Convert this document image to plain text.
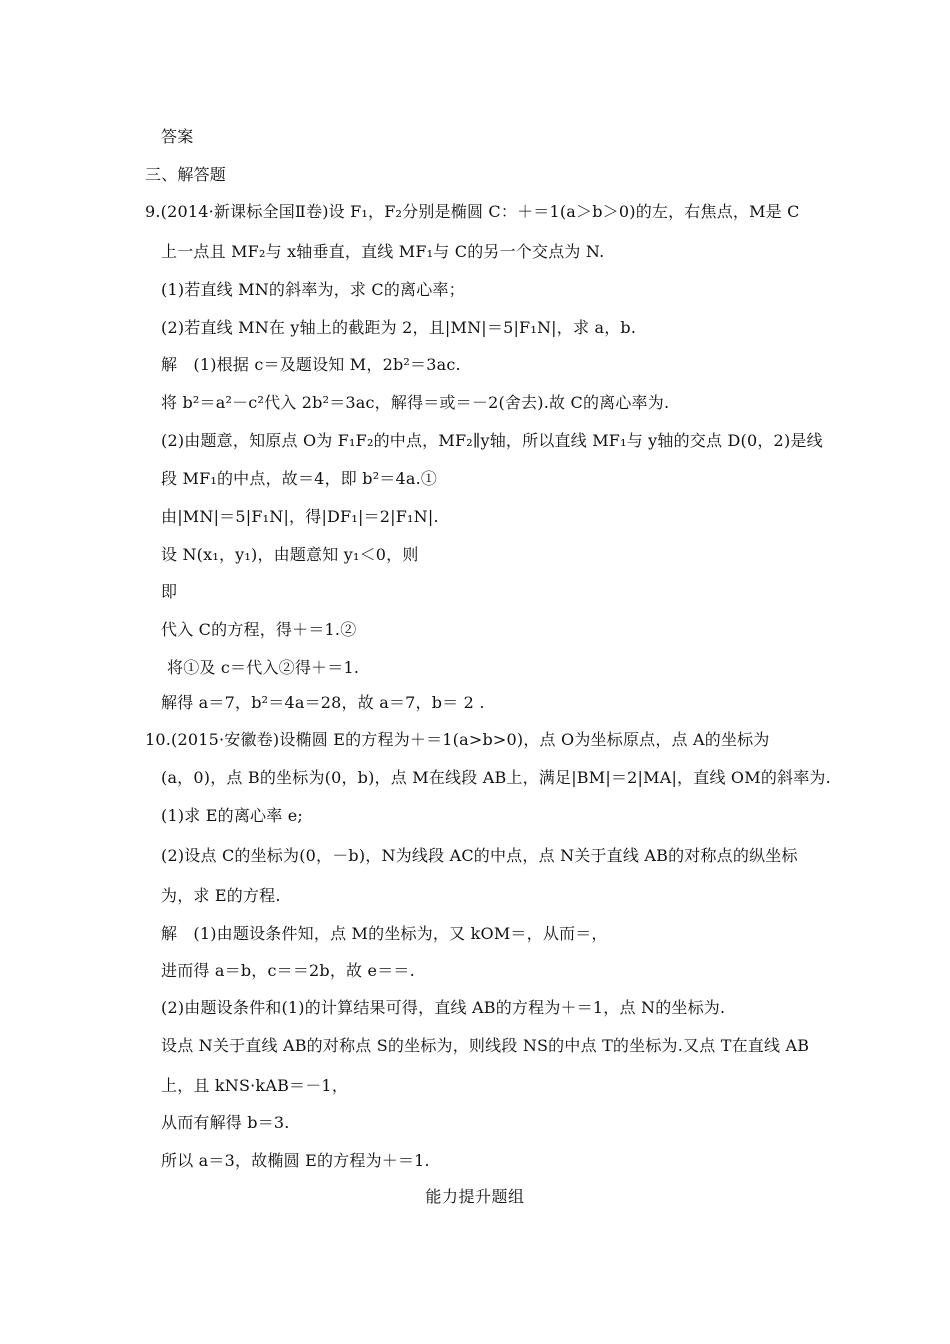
答案
三、解答题
9.(2014·新课标全国Ⅱ卷)设 F₁，F₂分别是椭圆 C：＋＝1(a＞b＞0)的左，右焦点，M是 C
上一点且 MF₂与 x轴垂直，直线 MF₁与 C的另一个交点为 N.
(1)若直线 MN的斜率为，求 C的离心率；
(2)若直线 MN在 y轴上的截距为 2，且|MN|＝5|F₁N|，求 a，b.
解　(1)根据 c＝及题设知 M，2b²＝3ac.
将 b²＝a²－c²代入 2b²＝3ac，解得＝或＝－2(舍去).故 C的离心率为.
(2)由题意，知原点 O为 F₁F₂的中点，MF₂∥y轴，所以直线 MF₁与 y轴的交点 D(0，2)是线
段 MF₁的中点，故＝4，即 b²＝4a.①
由|MN|＝5|F₁N|，得|DF₁|＝2|F₁N|.
设 N(x₁，y₁)，由题意知 y₁＜0，则
即
代入 C的方程，得＋＝1.②
将①及 c＝代入②得＋＝1.
解得 a＝7，b²＝4a＝28，故 a＝7，b＝ 2 .
10.(2015·安徽卷)设椭圆 E的方程为＋＝1(a>b>0)，点 O为坐标原点，点 A的坐标为
(a，0)，点 B的坐标为(0，b)，点 M在线段 AB上，满足|BM|＝2|MA|，直线 OM的斜率为.
(1)求 E的离心率 e;
(2)设点 C的坐标为(0，－b)，N为线段 AC的中点，点 N关于直线 AB的对称点的纵坐标
为，求 E的方程.
解　(1)由题设条件知，点 M的坐标为，又 kOM＝，从而＝，
进而得 a＝b，c＝＝2b，故 e＝＝.
(2)由题设条件和(1)的计算结果可得，直线 AB的方程为＋＝1，点 N的坐标为.
设点 N关于直线 AB的对称点 S的坐标为，则线段 NS的中点 T的坐标为.又点 T在直线 AB
上，且 kNS·kAB＝－1，
从而有解得 b＝3.
所以 a＝3，故椭圆 E的方程为＋＝1.
能力提升题组
